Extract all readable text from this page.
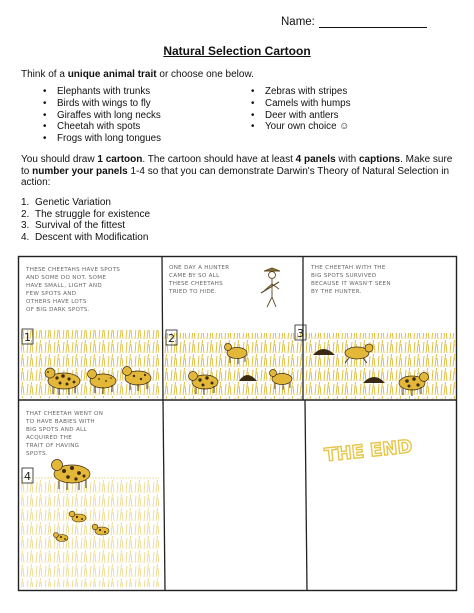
Name:
Natural Selection Cartoon
Think of a unique animal trait or choose one below.
• Elephants with trunks
• Birds with wings to fly
• Giraffes with long necks
• Cheetah with spots
• Frogs with long tongues
• Zebras with stripes
• Camels with humps
• Deer with antlers
• Your own choice ☺
You should draw 1 cartoon. The cartoon should have at least 4 panels with captions. Make sure to number your panels 1-4 so that you can demonstrate Darwin's Theory of Natural Selection in action:
1. Genetic Variation
2. The struggle for existence
3. Survival of the fittest
4. Descent with Modification
THESE CHEETAHS HAVE SPOTS
AND SOME DO NOT. SOME
HAVE SMALL, LIGHT AND
FEW SPOTS AND
OTHERS HAVE LOTS
OF BIG DARK SPOTS.
1
ONE DAY A HUNTER
CAME BY SO ALL
THESE CHEETAHS
TRIED TO HIDE.
2
THE CHEETAH WITH THE
BIG SPOTS SURVIVED
BECAUSE IT WASN'T SEEN
BY THE HUNTER.
3
THAT CHEETAH WENT ON
TO HAVE BABIES WITH
BIG SPOTS AND ALL
ACQUIRED THE
TRAIT OF HAVING
SPOTS.
4
THE END
